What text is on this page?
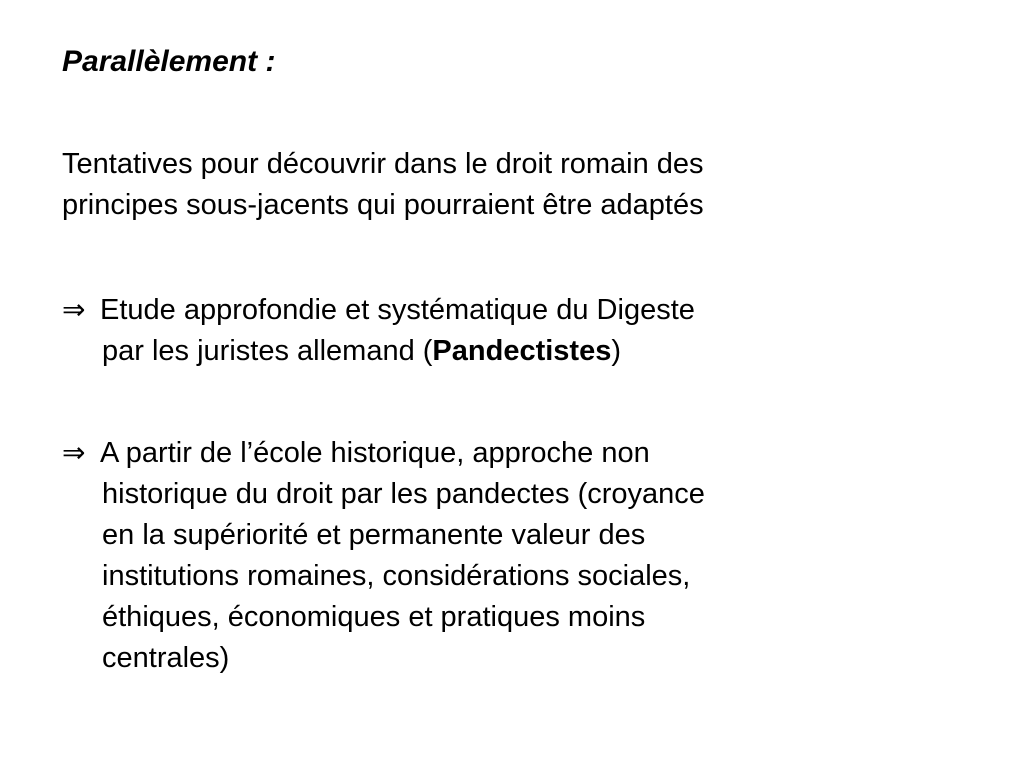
Parallèlement :
Tentatives pour découvrir dans le droit romain des
principes sous-jacents qui pourraient être adaptés
⇒ Etude approfondie et systématique du Digeste
par les juristes allemand (Pandectistes)
⇒ A partir de l’école historique, approche non
historique du droit par les pandectes (croyance
en la supériorité et permanente valeur des
institutions romaines, considérations sociales,
éthiques, économiques et pratiques moins
centrales)
